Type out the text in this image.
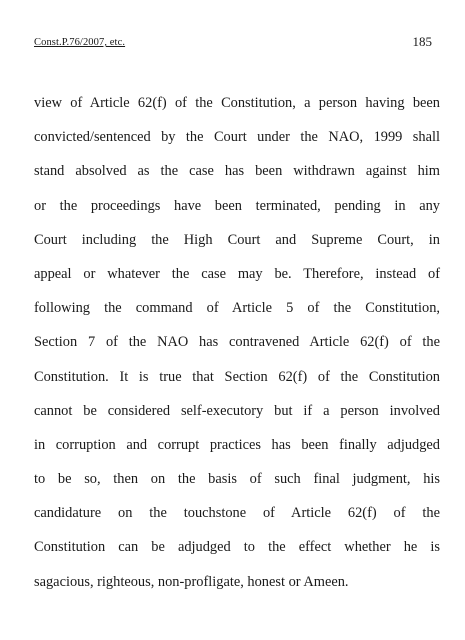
Const.P.76/2007, etc.	185
view of Article 62(f) of the Constitution, a person having been
convicted/sentenced by the Court under the NAO, 1999 shall
stand absolved as the case has been withdrawn against him
or the proceedings have been terminated, pending in any
Court including the High Court and Supreme Court, in
appeal or whatever the case may be. Therefore, instead of
following the command of Article 5 of the Constitution,
Section 7 of the NAO has contravened Article 62(f) of the
Constitution. It is true that Section 62(f) of the Constitution
cannot be considered self-executory but if a person involved
in corruption and corrupt practices has been finally adjudged
to be so, then on the basis of such final judgment, his
candidature on the touchstone of Article 62(f) of the
Constitution can be adjudged to the effect whether he is
sagacious, righteous, non-profligate, honest or Ameen.
